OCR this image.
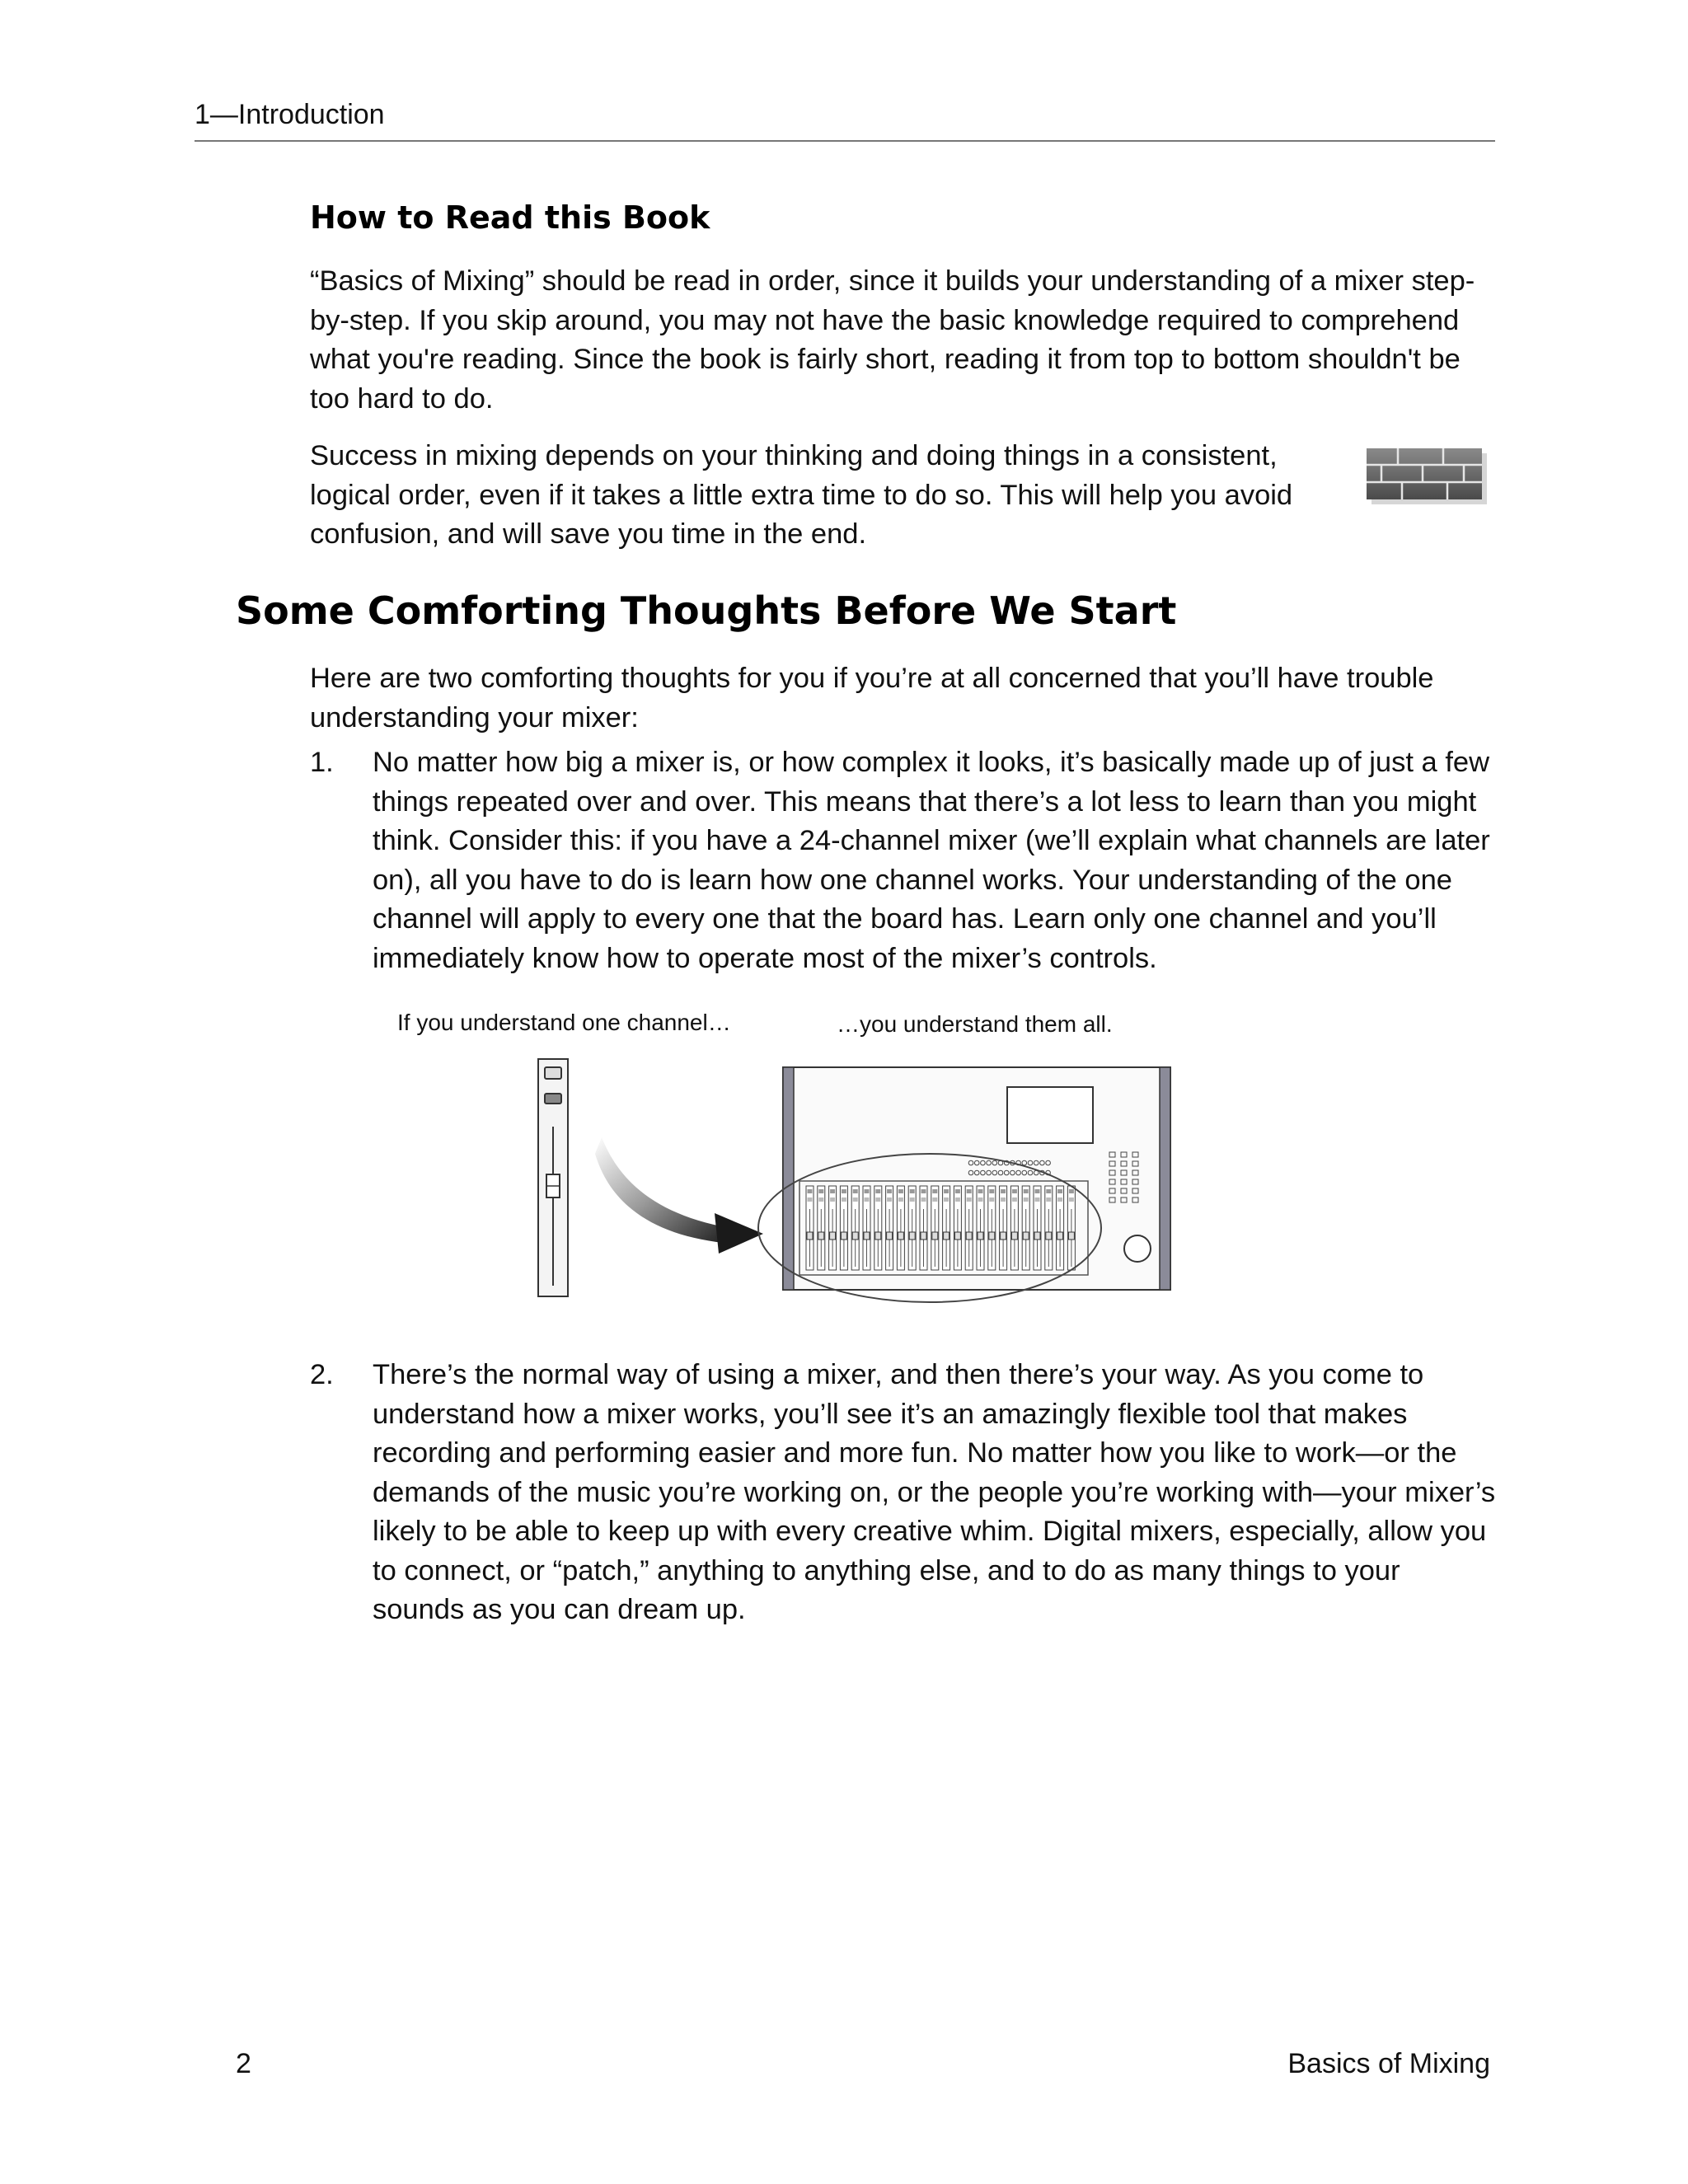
1—Introduction
How to Read this Book

“Basics of Mixing” should be read in order, since it builds your understanding of a mixer step-by-step. If you skip around, you may not have the basic knowledge required to comprehend what you're reading. Since the book is fairly short, reading it from top to bottom shouldn't be too hard to do.

Success in mixing depends on your thinking and doing things in a consistent, logical order, even if it takes a little extra time to do so. This will help you avoid confusion, and will save you time in the end.

Some Comforting Thoughts Before We Start

Here are two comforting thoughts for you if you’re at all concerned that you’ll have trouble understanding your mixer:

1. No matter how big a mixer is, or how complex it looks, it’s basically made up of just a few things repeated over and over. This means that there’s a lot less to learn than you might think. Consider this: if you have a 24-channel mixer (we’ll explain what channels are later on), all you have to do is learn how one channel works. Your understanding of the one channel will apply to every one that the board has. Learn only one channel and you’ll immediately know how to operate most of the mixer’s controls.

If you understand one channel…	…you understand them all.
2. There’s the normal way of using a mixer, and then there’s your way. As you come to understand how a mixer works, you’ll see it’s an amazingly flexible tool that makes recording and performing easier and more fun. No matter how you like to work—or the demands of the music you’re working on, or the people you’re working with—your mixer’s likely to be able to keep up with every creative whim. Digital mixers, especially, allow you to connect, or “patch,” anything to anything else, and to do as many things to your sounds as you can dream up.

2	Basics of Mixing
